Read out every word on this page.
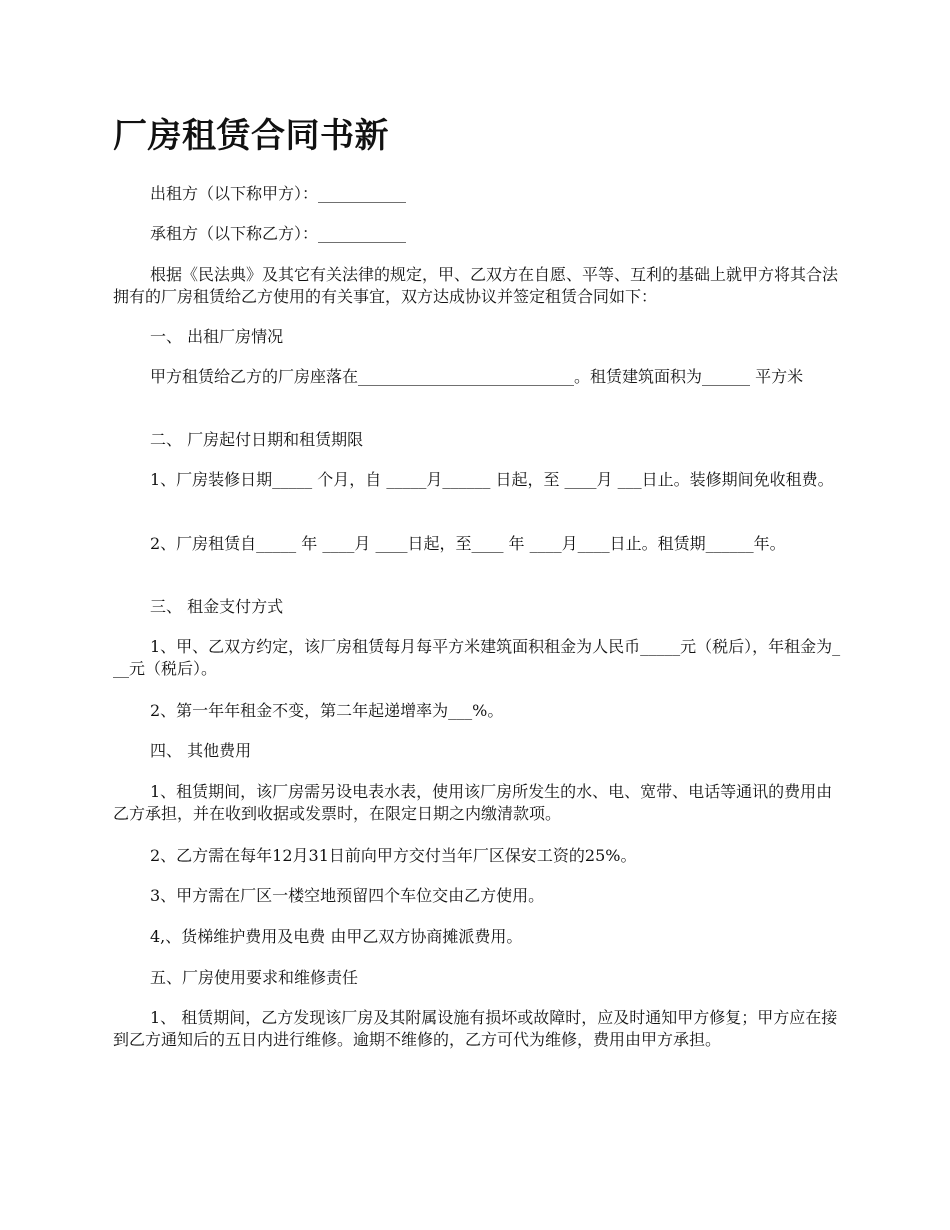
厂房租赁合同书新

出租方（以下称甲方）：___________

承租方（以下称乙方）：___________

根据《民法典》及其它有关法律的规定，甲、乙双方在自愿、平等、互利的基础上就甲方将其合法拥有的厂房租赁给乙方使用的有关事宜，双方达成协议并签定租赁合同如下：

一、 出租厂房情况

甲方租赁给乙方的厂房座落在___________________________。租赁建筑面积为______ 平方米

二、 厂房起付日期和租赁期限

1、厂房装修日期_____ 个月，自 _____月______ 日起，至 ____月 ___日止。装修期间免收租费。

2、厂房租赁自_____ 年 ____月 ____日起，至____ 年 ____月____日止。租赁期______年。

三、 租金支付方式

1、甲、乙双方约定，该厂房租赁每月每平方米建筑面积租金为人民币_____元（税后），年租金为___元（税后）。

2、第一年年租金不变，第二年起递增率为___%。

四、 其他费用

1、租赁期间，该厂房需另设电表水表，使用该厂房所发生的水、电、宽带、电话等通讯的费用由乙方承担，并在收到收据或发票时，在限定日期之内缴清款项。

2、乙方需在每年12月31日前向甲方交付当年厂区保安工资的25%。

3、甲方需在厂区一楼空地预留四个车位交由乙方使用。

4,、货梯维护费用及电费 由甲乙双方协商摊派费用。

五、厂房使用要求和维修责任

1、 租赁期间，乙方发现该厂房及其附属设施有损坏或故障时，应及时通知甲方修复；甲方应在接到乙方通知后的五日内进行维修。逾期不维修的，乙方可代为维修，费用由甲方承担。
